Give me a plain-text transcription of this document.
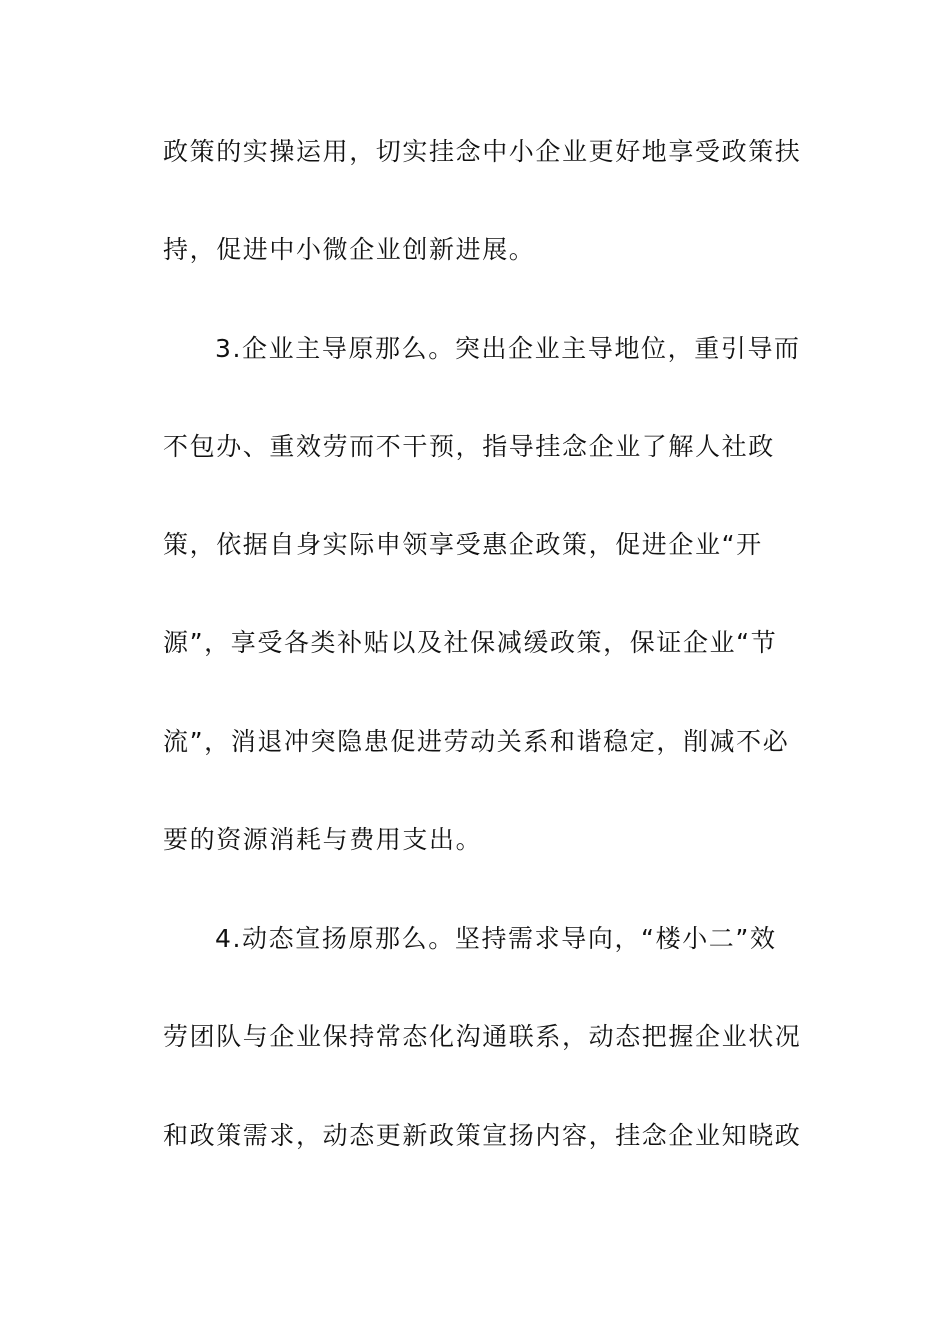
政策的实操运用，切实挂念中小企业更好地享受政策扶
持，促进中小微企业创新进展。
3.企业主导原那么。突出企业主导地位，重引导而
不包办、重效劳而不干预，指导挂念企业了解人社政
策，依据自身实际申领享受惠企政策，促进企业“开
源”，享受各类补贴以及社保减缓政策，保证企业“节
流”，消退冲突隐患促进劳动关系和谐稳定，削减不必
要的资源消耗与费用支出。
4.动态宣扬原那么。坚持需求导向，“楼小二”效
劳团队与企业保持常态化沟通联系，动态把握企业状况
和政策需求，动态更新政策宣扬内容，挂念企业知晓政
